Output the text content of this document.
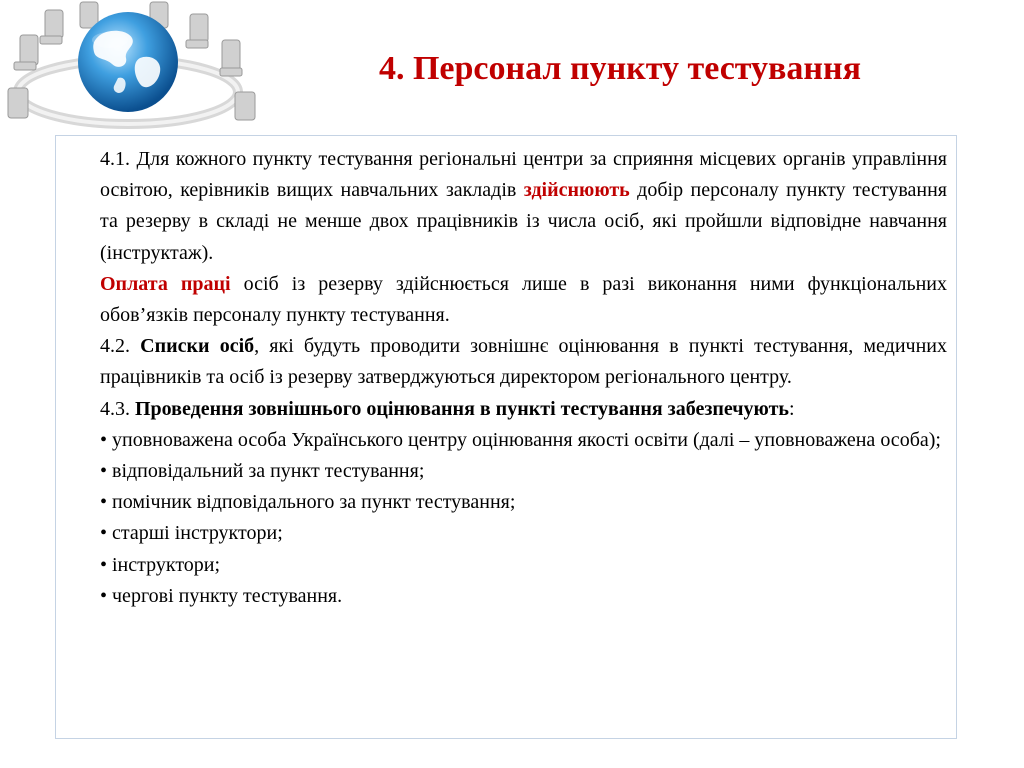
4. Персонал пункту тестування

4.1. Для кожного пункту тестування регіональні центри за сприяння місцевих органів управління освітою, керівників вищих навчальних закладів здійснюють добір персоналу пункту тестування та резерву в складі не менше двох працівників із числа осіб, які пройшли відповідне навчання (інструктаж).

Оплата праці осіб із резерву здійснюється лише в разі виконання ними функціональних обов’язків персоналу пункту тестування.

4.2. Списки осіб, які будуть проводити зовнішнє оцінювання в пункті тестування, медичних працівників та осіб із резерву затверджуються директором регіонального центру.

4.3. Проведення зовнішнього оцінювання в пункті тестування забезпечують:

• уповноважена особа Українського центру оцінювання якості освіти (далі – уповноважена особа);

• відповідальний за пункт тестування;

• помічник відповідального за пункт тестування;

• старші інструктори;

• інструктори;

• чергові пункту тестування.
